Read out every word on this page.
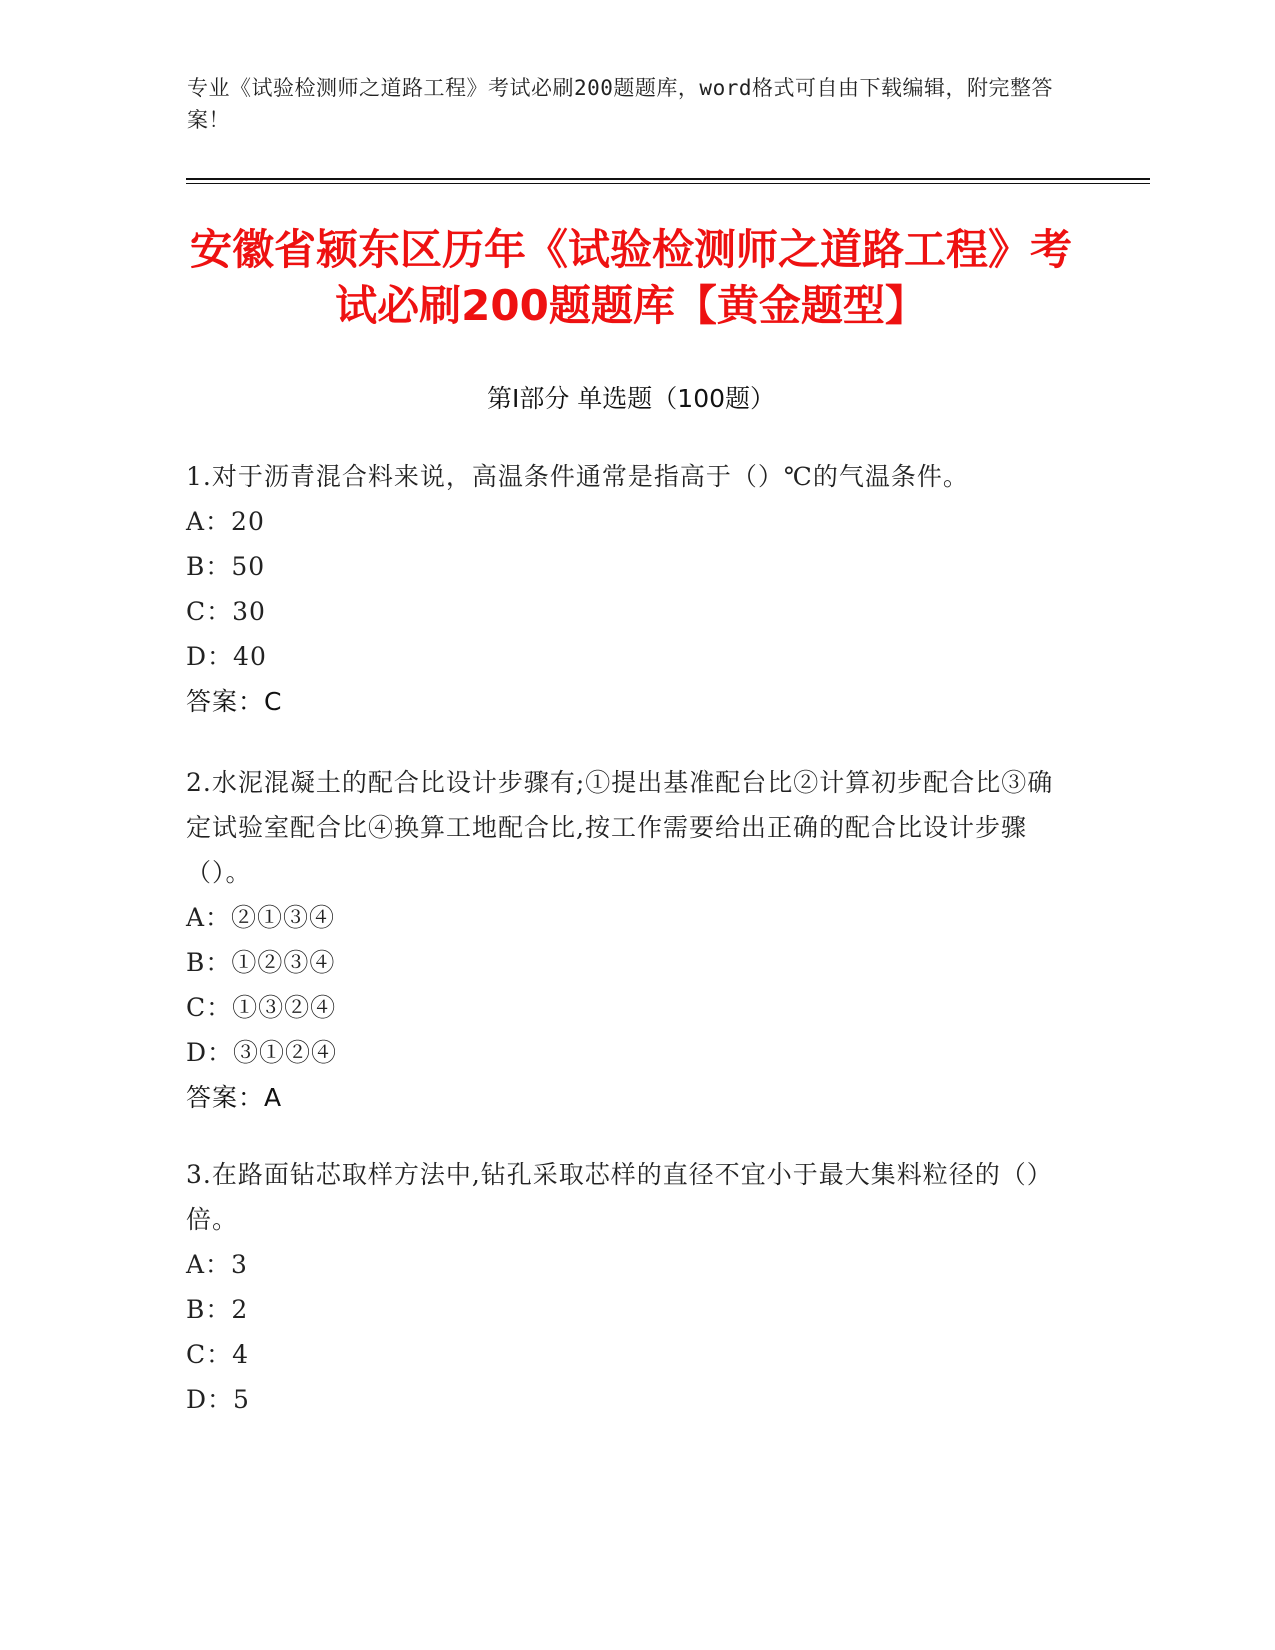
专业《试验检测师之道路工程》考试必刷200题题库，word格式可自由下载编辑，附完整答案！
安徽省颍东区历年《试验检测师之道路工程》考试必刷200题题库【黄金题型】
第I部分 单选题（100题）
1.对于沥青混合料来说，高温条件通常是指高于（）℃的气温条件。
A：20
B：50
C：30
D：40
答案：C
2.水泥混凝土的配合比设计步骤有;①提出基准配台比②计算初步配合比③确定试验室配合比④换算工地配合比,按工作需要给出正确的配合比设计步骤（）。
A：②①③④
B：①②③④
C：①③②④
D：③①②④
答案：A
3.在路面钻芯取样方法中,钻孔采取芯样的直径不宜小于最大集料粒径的（）倍。
A：3
B：2
C：4
D：5
